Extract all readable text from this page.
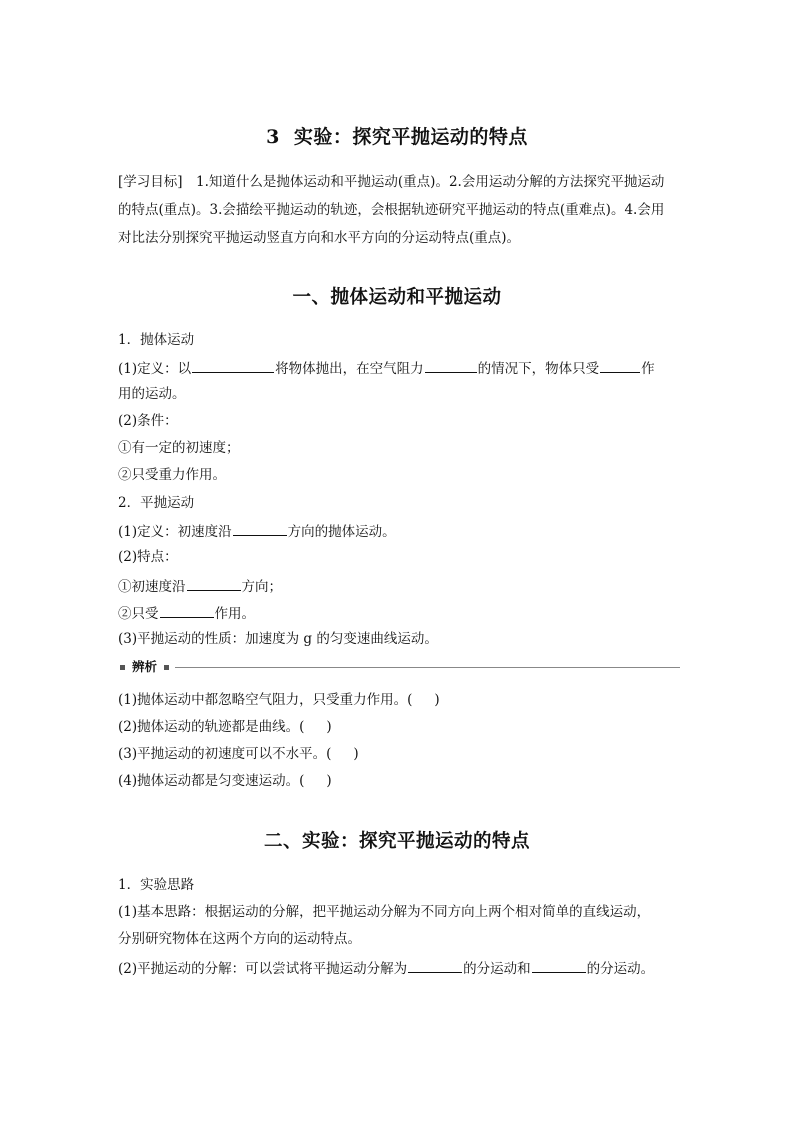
3 实验：探究平抛运动的特点
[学习目标]　1.知道什么是抛体运动和平抛运动(重点)。2.会用运动分解的方法探究平抛运动
的特点(重点)。3.会描绘平抛运动的轨迹，会根据轨迹研究平抛运动的特点(重难点)。4.会用
对比法分别探究平抛运动竖直方向和水平方向的分运动特点(重点)。
一、抛体运动和平抛运动
1．抛体运动
(1)定义：以	将物体抛出，在空气阻力	的情况下，物体只受	作
用的运动。
(2)条件：
①有一定的初速度；
②只受重力作用。
2．平抛运动
(1)定义：初速度沿	方向的抛体运动。
(2)特点：
①初速度沿	方向；
②只受	作用。
(3)平抛运动的性质：加速度为 g 的匀变速曲线运动。
辨析
(1)抛体运动中都忽略空气阻力，只受重力作用。( )
(2)抛体运动的轨迹都是曲线。( )
(3)平抛运动的初速度可以不水平。( )
(4)抛体运动都是匀变速运动。( )
二、实验：探究平抛运动的特点
1．实验思路
(1)基本思路：根据运动的分解，把平抛运动分解为不同方向上两个相对简单的直线运动，
分别研究物体在这两个方向的运动特点。
(2)平抛运动的分解：可以尝试将平抛运动分解为	的分运动和	的分运动。
